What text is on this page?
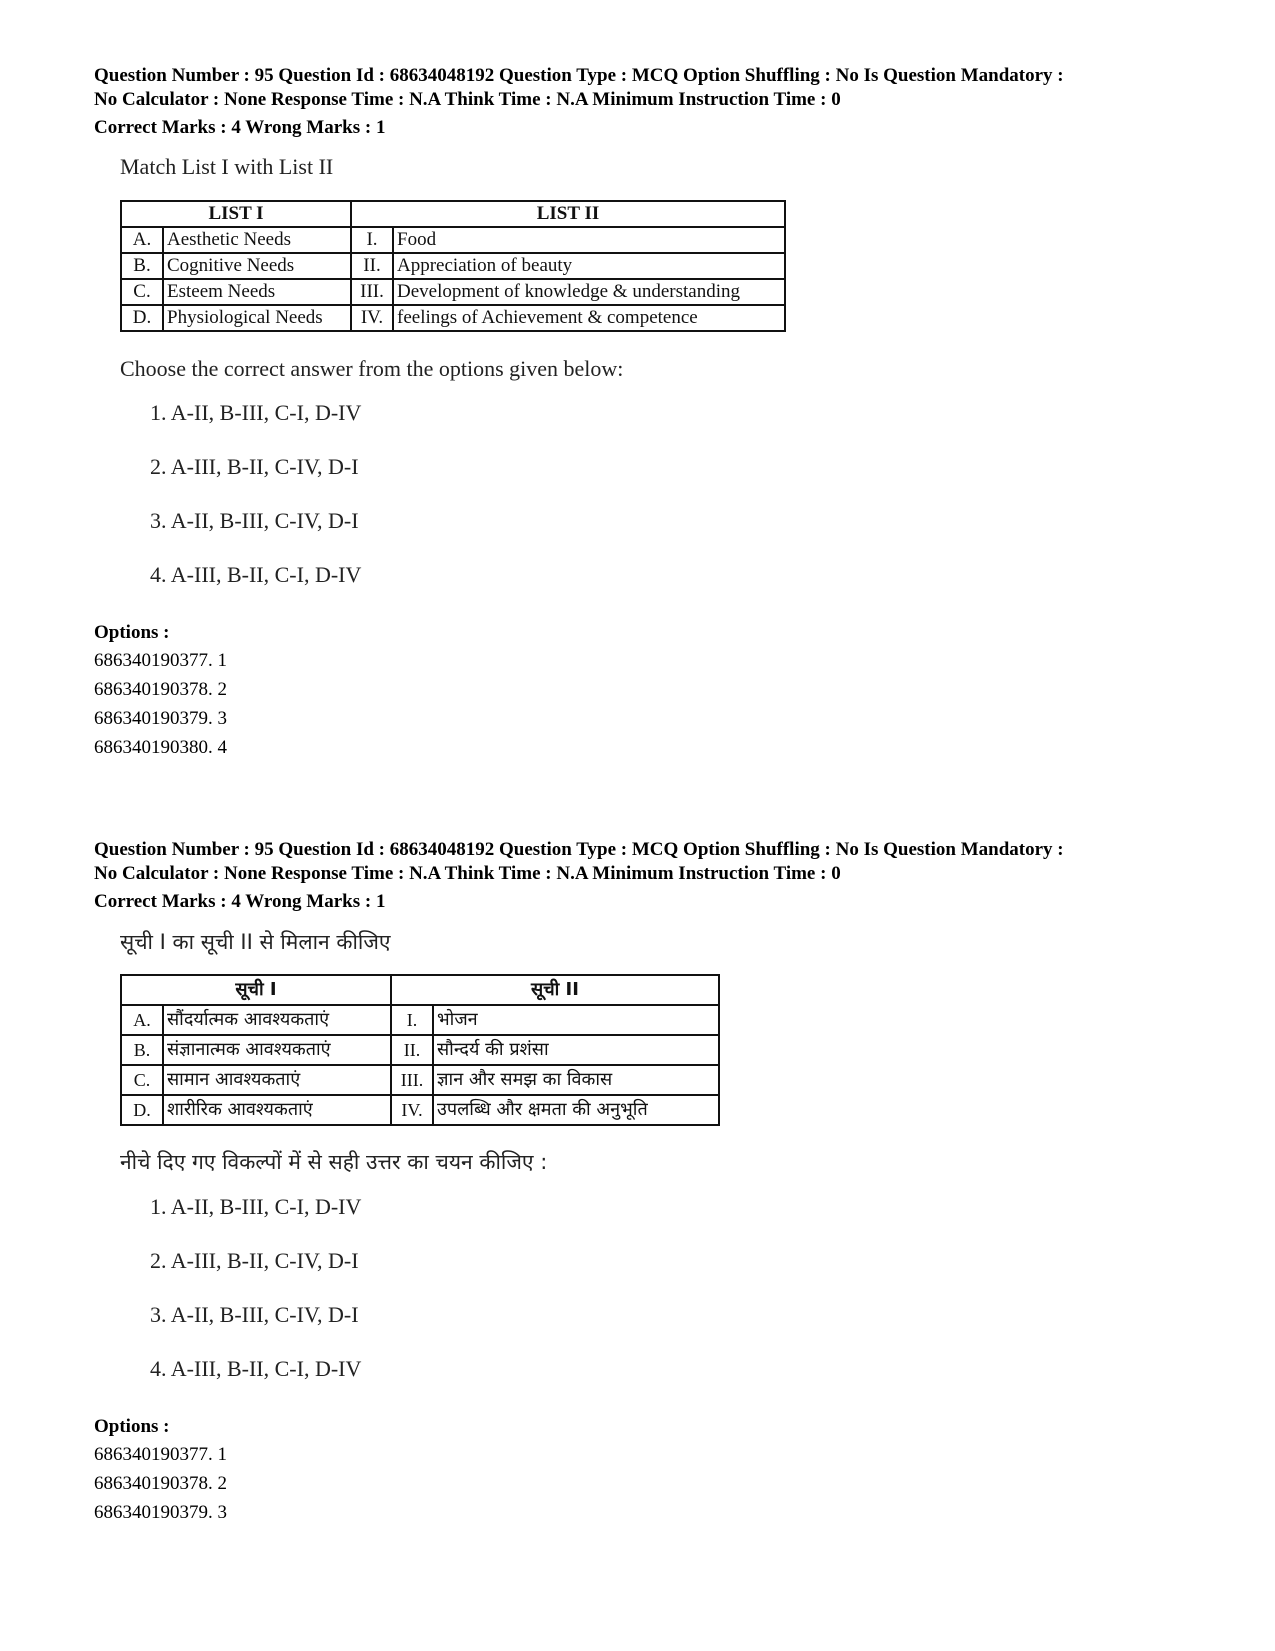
Question Number : 95 Question Id : 68634048192 Question Type : MCQ Option Shuffling : No Is Question Mandatory :
No Calculator : None Response Time : N.A Think Time : N.A Minimum Instruction Time : 0
Correct Marks : 4 Wrong Marks : 1
Match List I with List II
LIST I		LIST II	
A.	Aesthetic Needs	I.	Food
B.	Cognitive Needs	II.	Appreciation of beauty
C.	Esteem Needs	III.	Development of knowledge & understanding
D.	Physiological Needs	IV.	feelings of Achievement & competence
Choose the correct answer from the options given below:
1. A-II, B-III, C-I, D-IV
2. A-III, B-II, C-IV, D-I
3. A-II, B-III, C-IV, D-I
4. A-III, B-II, C-I, D-IV
Options :
686340190377. 1
686340190378. 2
686340190379. 3
686340190380. 4
Question Number : 95 Question Id : 68634048192 Question Type : MCQ Option Shuffling : No Is Question Mandatory :
No Calculator : None Response Time : N.A Think Time : N.A Minimum Instruction Time : 0
Correct Marks : 4 Wrong Marks : 1
सूची I का सूची II से मिलान कीजिए
सूची I		सूची II	
A.	सौंदर्यात्मक आवश्यकताएं	I.	भोजन
B.	संज्ञानात्मक आवश्यकताएं	II.	सौन्दर्य की प्रशंसा
C.	सामान आवश्यकताएं	III.	ज्ञान और समझ का विकास
D.	शारीरिक आवश्यकताएं	IV.	उपलब्धि और क्षमता की अनुभूति
नीचे दिए गए विकल्पों में से सही उत्तर का चयन कीजिए :
1. A-II, B-III, C-I, D-IV
2. A-III, B-II, C-IV, D-I
3. A-II, B-III, C-IV, D-I
4. A-III, B-II, C-I, D-IV
Options :
686340190377. 1
686340190378. 2
686340190379. 3
